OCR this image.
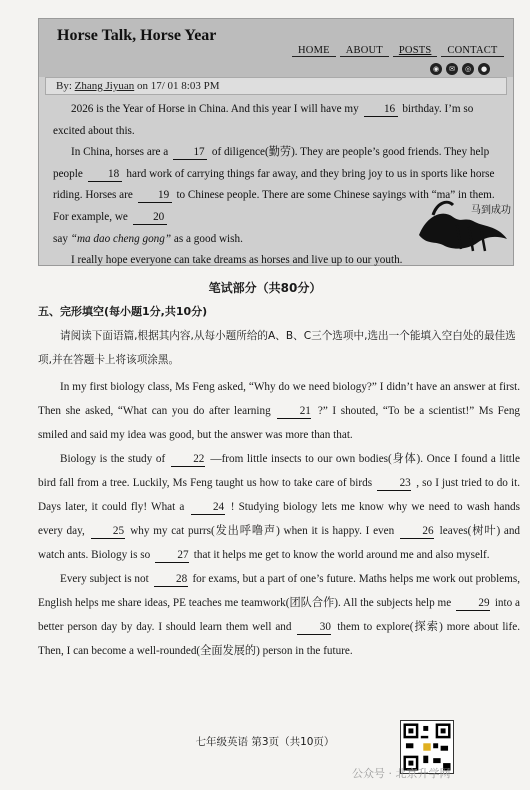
Horse Talk, Horse Year
HOME	ABOUT	POSTS	CONTACT
◉	✉	◎	●
By: Zhang Jiyuan on 17/ 01 8:03 PM

2026 is the Year of Horse in China. And this year I will have my 16 birthday. I’m so excited about this.

In China, horses are a 17 of diligence(勤劳). They are people’s good friends. They help people 18 hard work of carrying things far away, and they bring joy to us in sports like horse riding. Horses are 19 to Chinese people. There are some Chinese sayings with “ma” in them. For example, we 20
say “ma dao cheng gong” as a good wish.

I really hope everyone can take dreams as horses and live up to our youth.

马到成功
笔试部分（共80分）
五、完形填空(每小题1分,共10分)

请阅读下面语篇,根据其内容,从每小题所给的A、B、C三个选项中,选出一个能填入空白处的最佳选项,并在答题卡上将该项涂黑。

In my first biology class, Ms Feng asked, “Why do we need biology?” I didn’t have an answer at first. Then she asked, “What can you do after learning	21 ?” I shouted, “To be a scientist!” Ms Feng smiled and said my idea was good, but the answer was more than that.

Biology is the study of	22 —from little insects to our own bodies(身体). Once I found a little bird fall from a tree. Luckily, Ms Feng taught us how to take care of birds 23 , so I just tried to do it. Days later, it could fly! What a	24 ! Studying biology lets me know why we need to wash hands every day,	25 why my cat purrs(发出呼噜声) when it is happy. I even	26 leaves(树叶) and watch ants. Biology is so 27 that it helps me get to know the world around me and also myself.

Every subject is not 28 for exams, but a part of one’s future. Maths helps me work out problems, English helps me share ideas, PE teaches me teamwork(团队合作). All the subjects help me 29 into a better person day by day. I should learn them well and	30 them to explore(探索) more about life. Then, I can become a well-rounded(全面发展的) person in the future.

七年级英语 第3页（共10页）
公众号 · 北京升学网
